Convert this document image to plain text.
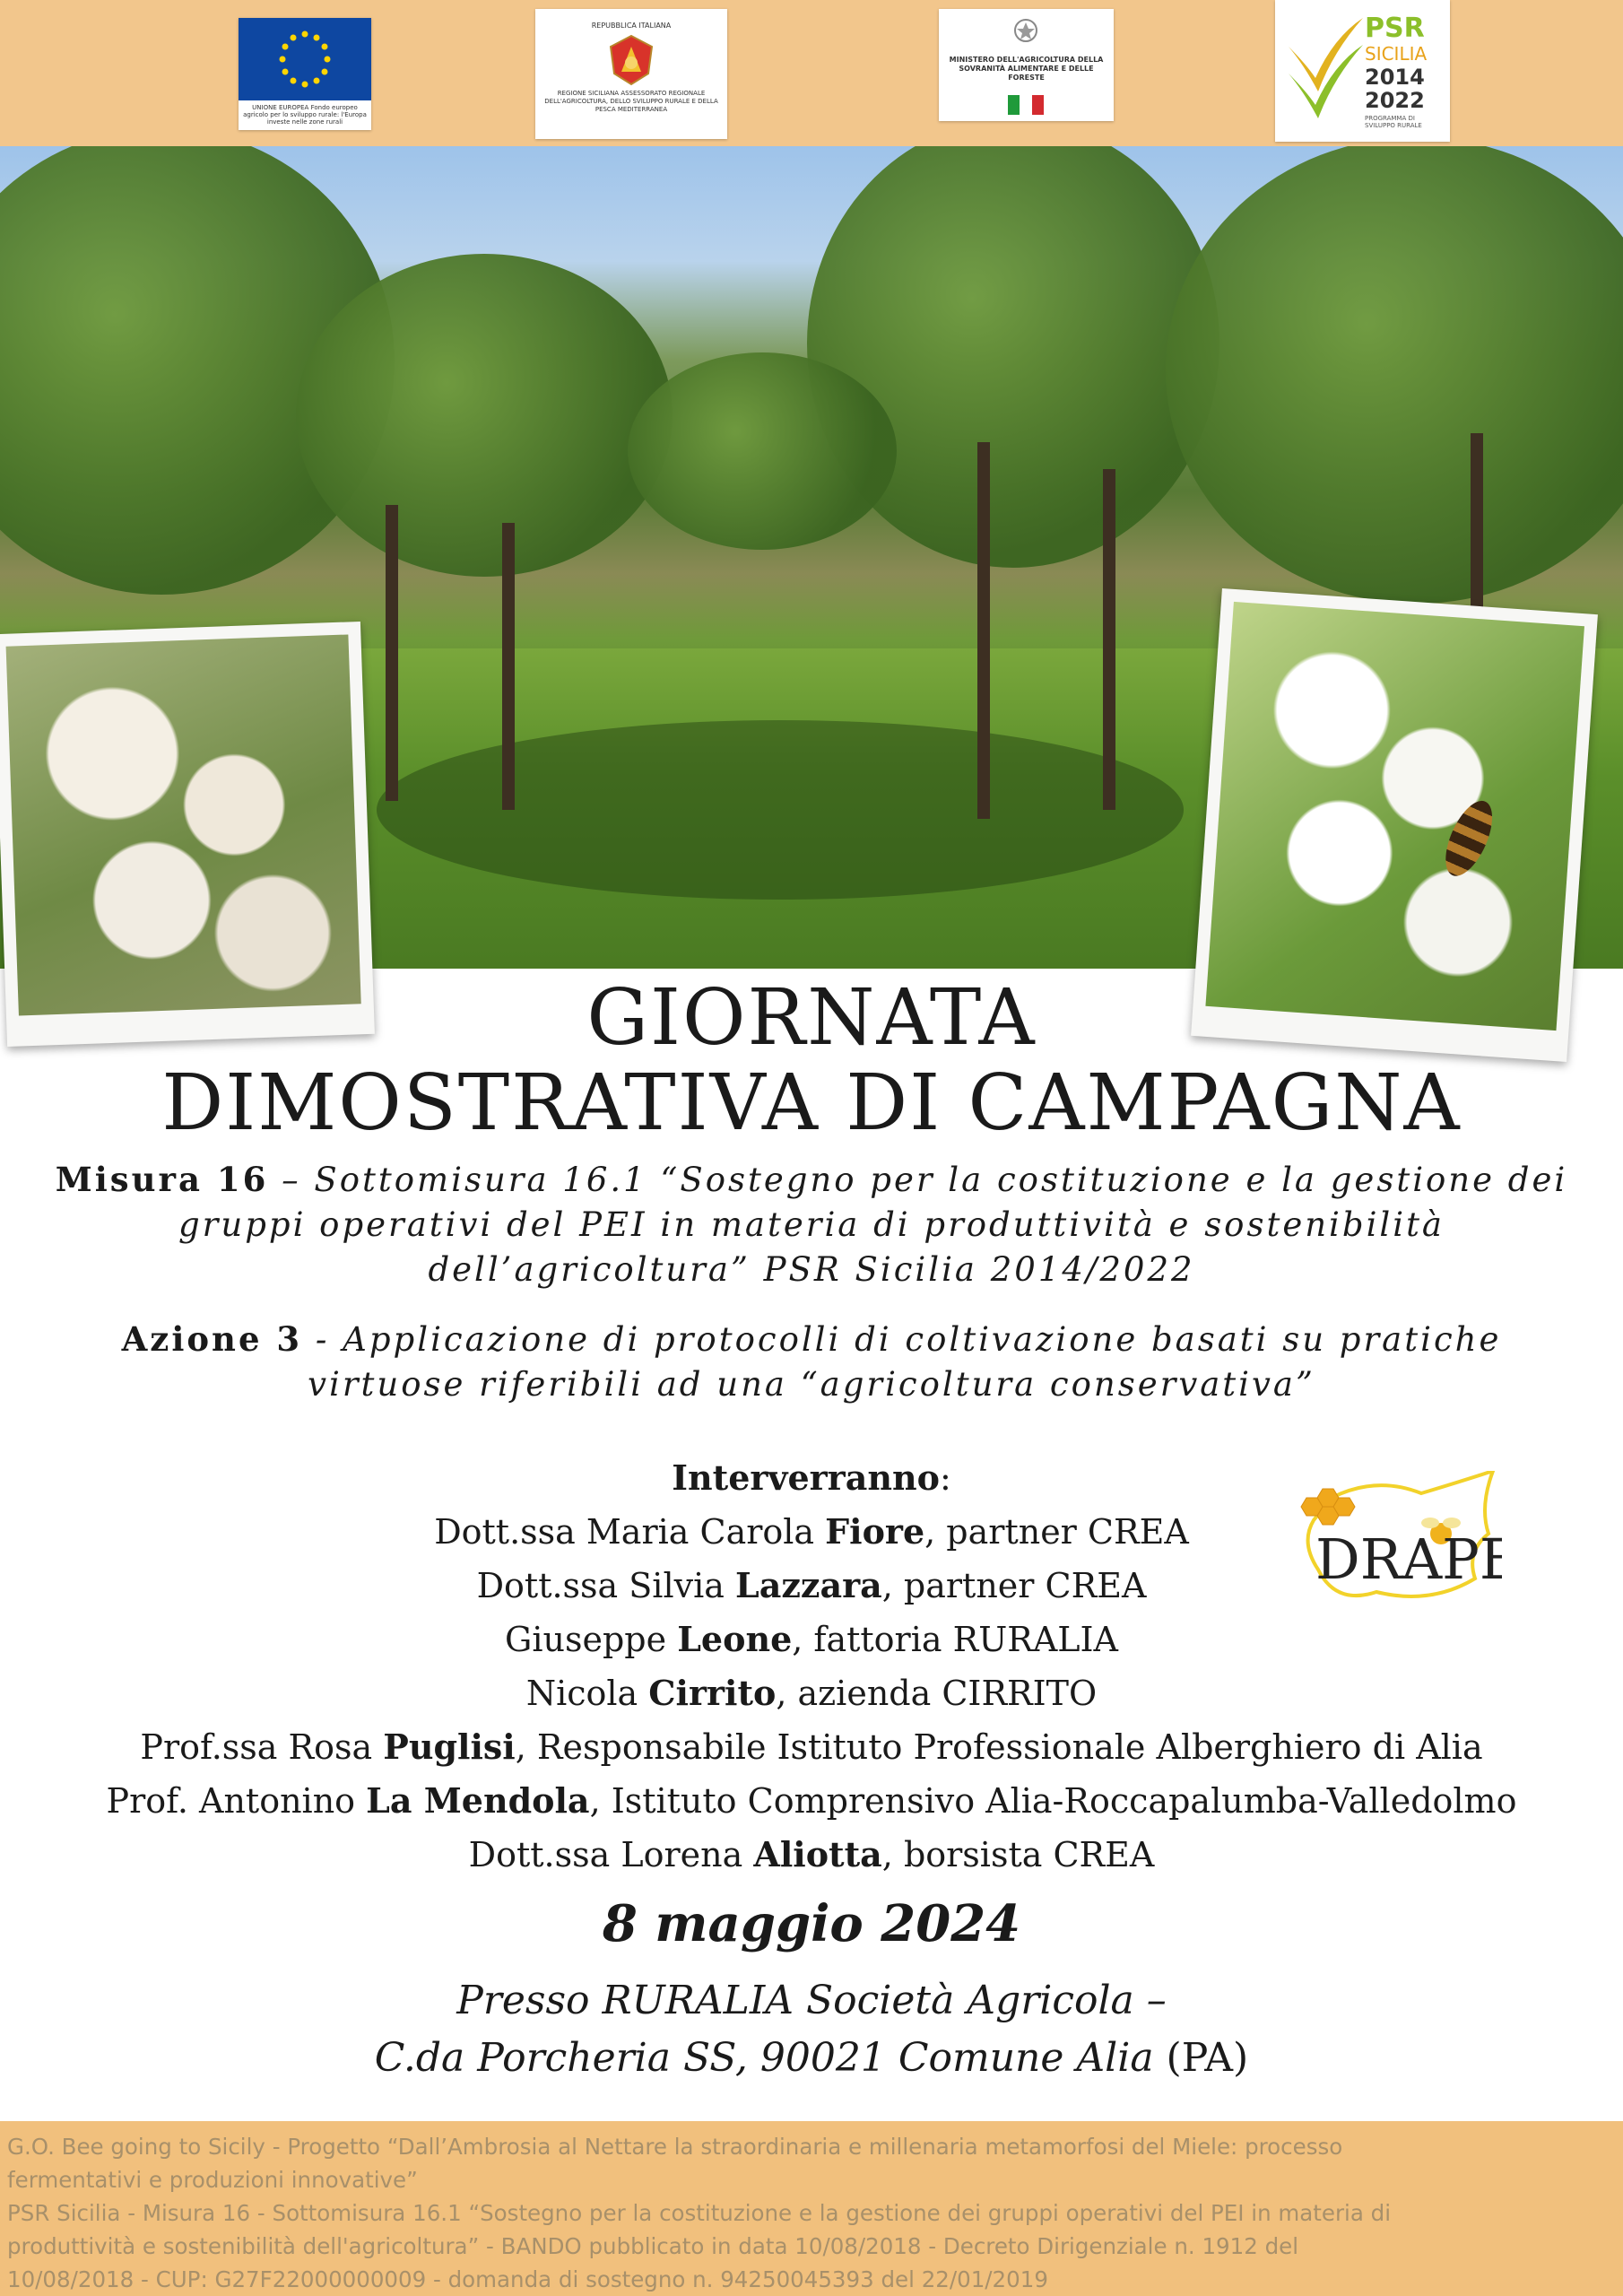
UNIONE EUROPEA Fondo europeo agricolo per lo sviluppo rurale: l'Europa investe nelle zone rurali
REPUBBLICA ITALIANA
REGIONE SICILIANA ASSESSORATO REGIONALE DELL'AGRICOLTURA, DELLO SVILUPPO RURALE E DELLA PESCA MEDITERRANEA
MINISTERO DELL'AGRICOLTURA DELLA SOVRANITÀ ALIMENTARE E DELLE FORESTE
PSR
SICILIA
2014
2022
PROGRAMMA DI SVILUPPO RURALE
GIORNATA
DIMOSTRATIVA DI CAMPAGNA
Misura 16 – Sottomisura 16.1 “Sostegno per la costituzione e la gestione dei gruppi operativi del PEI in materia di produttività e sostenibilità dell’agricoltura” PSR Sicilia 2014/2022
Azione 3 - Applicazione di protocolli di coltivazione basati su pratiche virtuose riferibili ad una “agricoltura conservativa”
Interverranno:
Dott.ssa Maria Carola Fiore, partner CREA
Dott.ssa Silvia Lazzara, partner CREA
Giuseppe Leone, fattoria RURALIA
Nicola Cirrito, azienda CIRRITO
Prof.ssa Rosa Puglisi, Responsabile Istituto Professionale Alberghiero di Alia
Prof. Antonino La Mendola, Istituto Comprensivo Alia-Roccapalumba-Valledolmo
Dott.ssa Lorena Aliotta, borsista CREA
DRAPE
8 maggio 2024
Presso RURALIA Società Agricola –
C.da Porcheria SS, 90021 Comune Alia (PA)

G.O. Bee going to Sicily - Progetto “Dall’Ambrosia al Nettare la straordinaria e millenaria metamorfosi del Miele: processo

fermentativi e produzioni innovative”

PSR Sicilia - Misura 16 - Sottomisura 16.1 “Sostegno per la costituzione e la gestione dei gruppi operativi del PEI in materia di

produttività e sostenibilità dell'agricoltura” - BANDO pubblicato in data 10/08/2018 - Decreto Dirigenziale n. 1912 del

10/08/2018 - CUP: G27F22000000009 - domanda di sostegno n. 94250045393 del 22/01/2019
